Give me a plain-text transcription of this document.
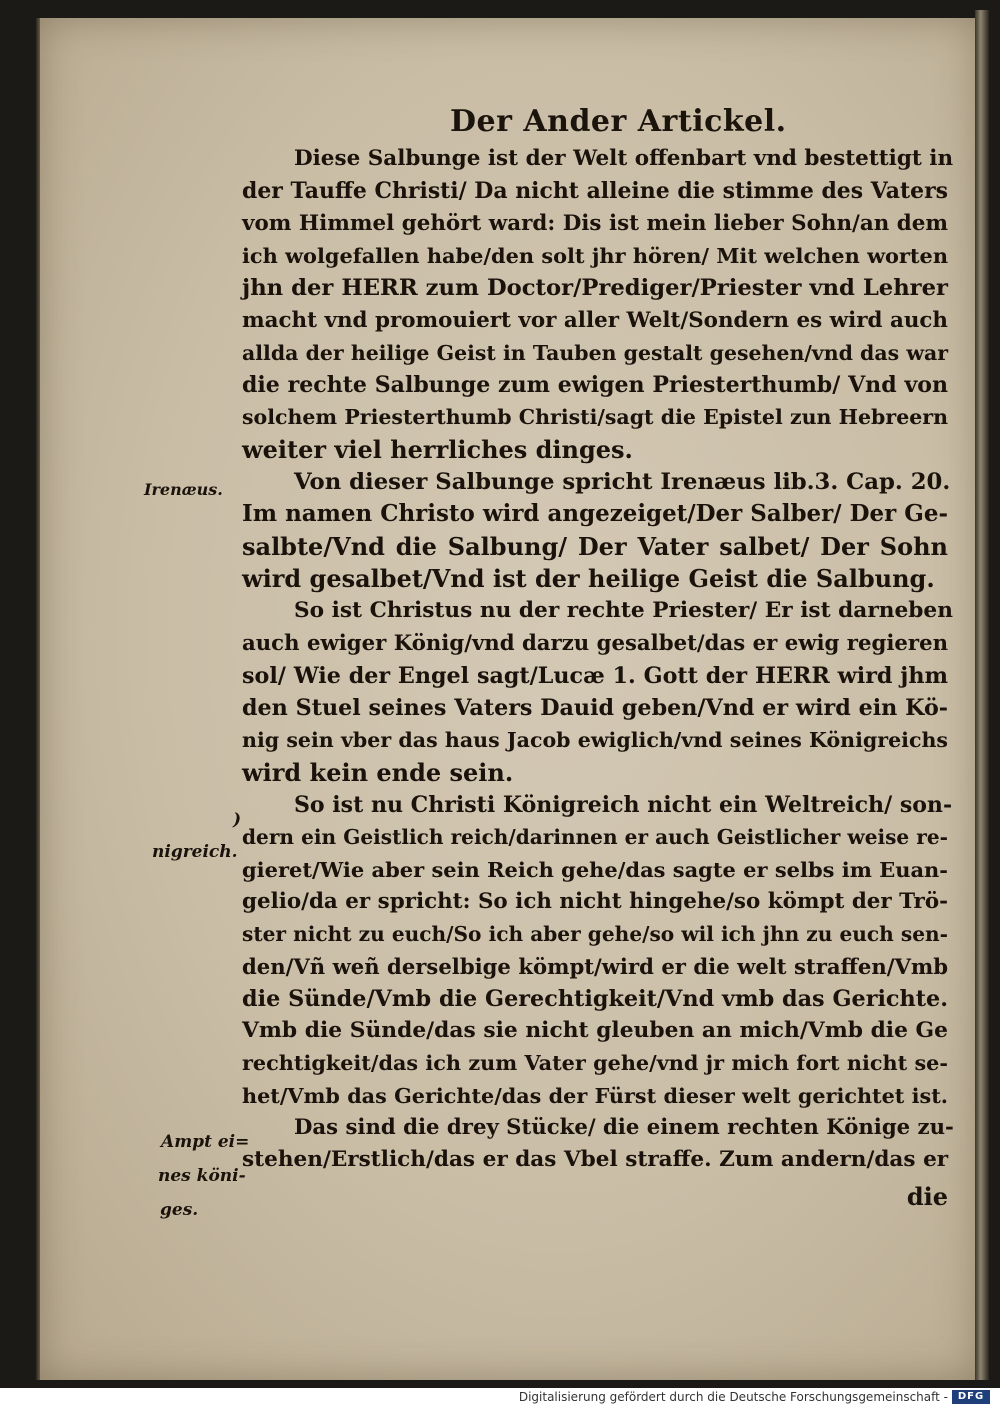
Der Ander Artickel.
Diese Salbunge ist der Welt offenbart vnd bestettigt in
der Tauffe Christi/ Da nicht alleine die stimme des Vaters
vom Himmel gehört ward: Dis ist mein lieber Sohn/an dem
ich wolgefallen habe/den solt jhr hören/ Mit welchen worten
jhn der HERR zum Doctor/Prediger/Priester vnd Lehrer
macht vnd promouiert vor aller Welt/Sondern es wird auch
allda der heilige Geist in Tauben gestalt gesehen/vnd das war
die rechte Salbunge zum ewigen Priesterthumb/ Vnd von
solchem Priesterthumb Christi/sagt die Epistel zun Hebreern
weiter viel herrliches dinges.
Von dieser Salbunge spricht Irenæus lib.3. Cap. 20.
Im namen Christo wird angezeiget/Der Salber/ Der Ge-
salbte/Vnd die Salbung/ Der Vater salbet/ Der Sohn
wird gesalbet/Vnd ist der heilige Geist die Salbung.
So ist Christus nu der rechte Priester/ Er ist darneben
auch ewiger König/vnd darzu gesalbet/das er ewig regieren
sol/ Wie der Engel sagt/Lucæ 1. Gott der HERR wird jhm
den Stuel seines Vaters Dauid geben/Vnd er wird ein Kö-
nig sein vber das haus Jacob ewiglich/vnd seines Königreichs
wird kein ende sein.
So ist nu Christi Königreich nicht ein Weltreich/ son-
dern ein Geistlich reich/darinnen er auch Geistlicher weise re-
gieret/Wie aber sein Reich gehe/das sagte er selbs im Euan-
gelio/da er spricht: So ich nicht hingehe/so kömpt der Trö-
ster nicht zu euch/So ich aber gehe/so wil ich jhn zu euch sen-
den/Vñ weñ derselbige kömpt/wird er die welt straffen/Vmb
die Sünde/Vmb die Gerechtigkeit/Vnd vmb das Gerichte.
Vmb die Sünde/das sie nicht gleuben an mich/Vmb die Ge
rechtigkeit/das ich zum Vater gehe/vnd jr mich fort nicht se-
het/Vmb das Gerichte/das der Fürst dieser welt gerichtet ist.
Das sind die drey Stücke/ die einem rechten Könige zu-
stehen/Erstlich/das er das Vbel straffe. Zum andern/das er
die
Irenæus.
)
nigreich.
Ampt ei=
nes köni-
ges.
Digitalisierung gefördert durch die Deutsche Forschungsgemeinschaft - DFG
